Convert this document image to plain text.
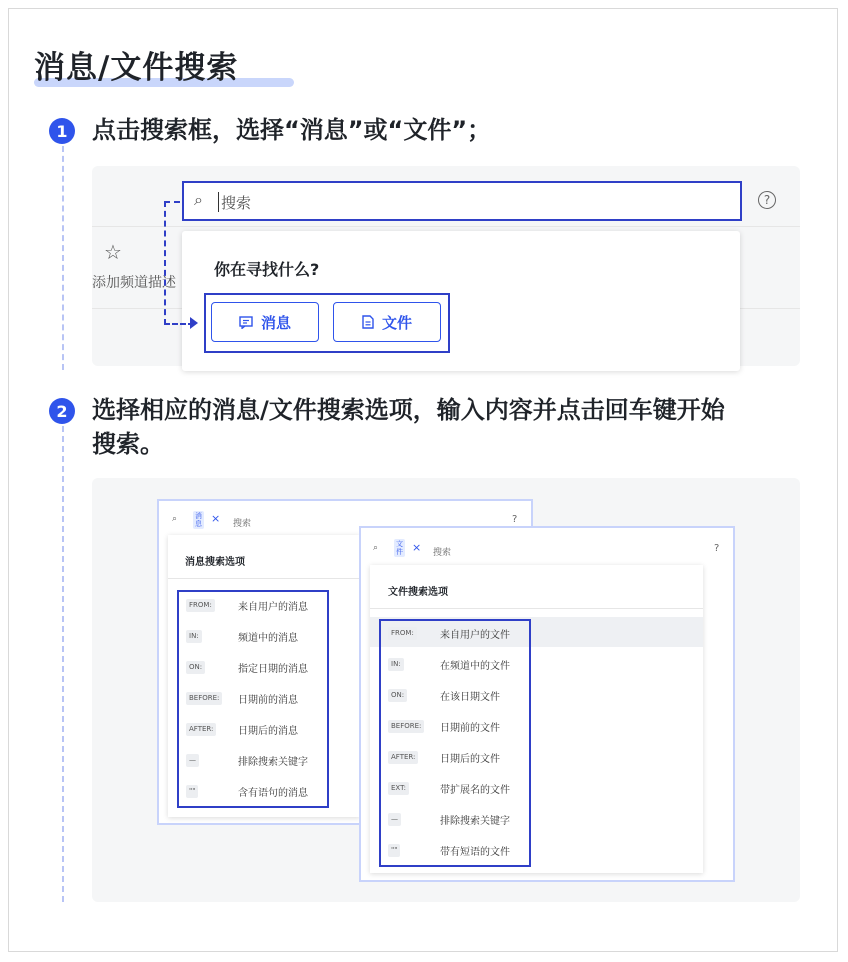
消息/文件搜索
1	点击搜索框，选择“消息”或“文件”；
☆
添加频道描述
⌕ 搜索	?
你在寻找什么?
消息	文件
2	选择相应的消息/文件搜索选项，输入内容并点击回车键开始
搜索。
⌕	消
息 × 搜索	?
消息搜索选项
FROM:	来自用户的消息
IN:	频道中的消息
ON:	指定日期的消息
BEFORE:	日期前的消息
AFTER:	日期后的消息
—	排除搜索关键字
""	含有语句的消息
⌕	文
件 × 搜索	?
文件搜索选项
FROM:	来自用户的文件
IN:	在频道中的文件
ON:	在该日期文件
BEFORE:	日期前的文件
AFTER:	日期后的文件
EXT:	带扩展名的文件
—	排除搜索关键字
""	带有短语的文件
